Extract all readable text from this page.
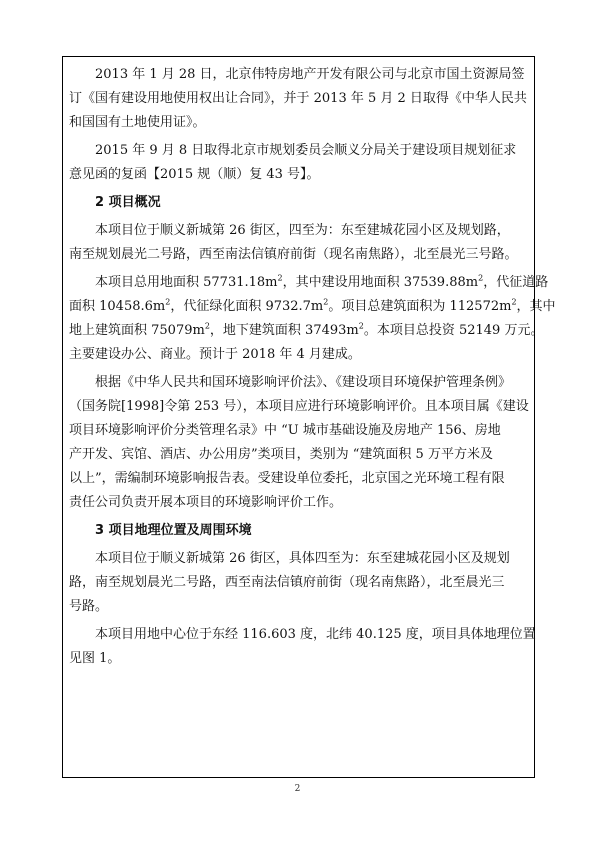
2013 年 1 月 28 日，北京伟特房地产开发有限公司与北京市国土资源局签
订《国有建设用地使用权出让合同》，并于 2013 年 5 月 2 日取得《中华人民共
和国国有土地使用证》。

2015 年 9 月 8 日取得北京市规划委员会顺义分局关于建设项目规划征求
意见函的复函【2015 规（顺）复 43 号】。

2 项目概况

本项目位于顺义新城第 26 街区，四至为：东至建城花园小区及规划路，
南至规划晨光二号路，西至南法信镇府前街（现名南焦路），北至晨光三号路。

本项目总用地面积 $57731.18m^2$，其中建设用地面积 $37539.88m^2$，代征道路
面积 $10458.6m^2$，代征绿化面积 $9732.7m^2$。项目总建筑面积为 $112572m^2$，其中
地上建筑面积 $75079m^2$，地下建筑面积 $37493m^2$。本项目总投资 52149 万元。
主要建设办公、商业。预计于 2018 年 4 月建成。

根据《中华人民共和国环境影响评价法》、《建设项目环境保护管理条例》
（国务院[1998]令第 253 号），本项目应进行环境影响评价。且本项目属《建设
项目环境影响评价分类管理名录》中 “U 城市基础设施及房地产 156、房地
产开发、宾馆、酒店、办公用房”类项目，类别为 “建筑面积 5 万平方米及
以上”，需编制环境影响报告表。受建设单位委托，北京国之光环境工程有限
责任公司负责开展本项目的环境影响评价工作。

3 项目地理位置及周围环境

本项目位于顺义新城第 26 街区，具体四至为：东至建城花园小区及规划
路，南至规划晨光二号路，西至南法信镇府前街（现名南焦路），北至晨光三
号路。

本项目用地中心位于东经 116.603 度，北纬 40.125 度，项目具体地理位置
见图 1。

2
